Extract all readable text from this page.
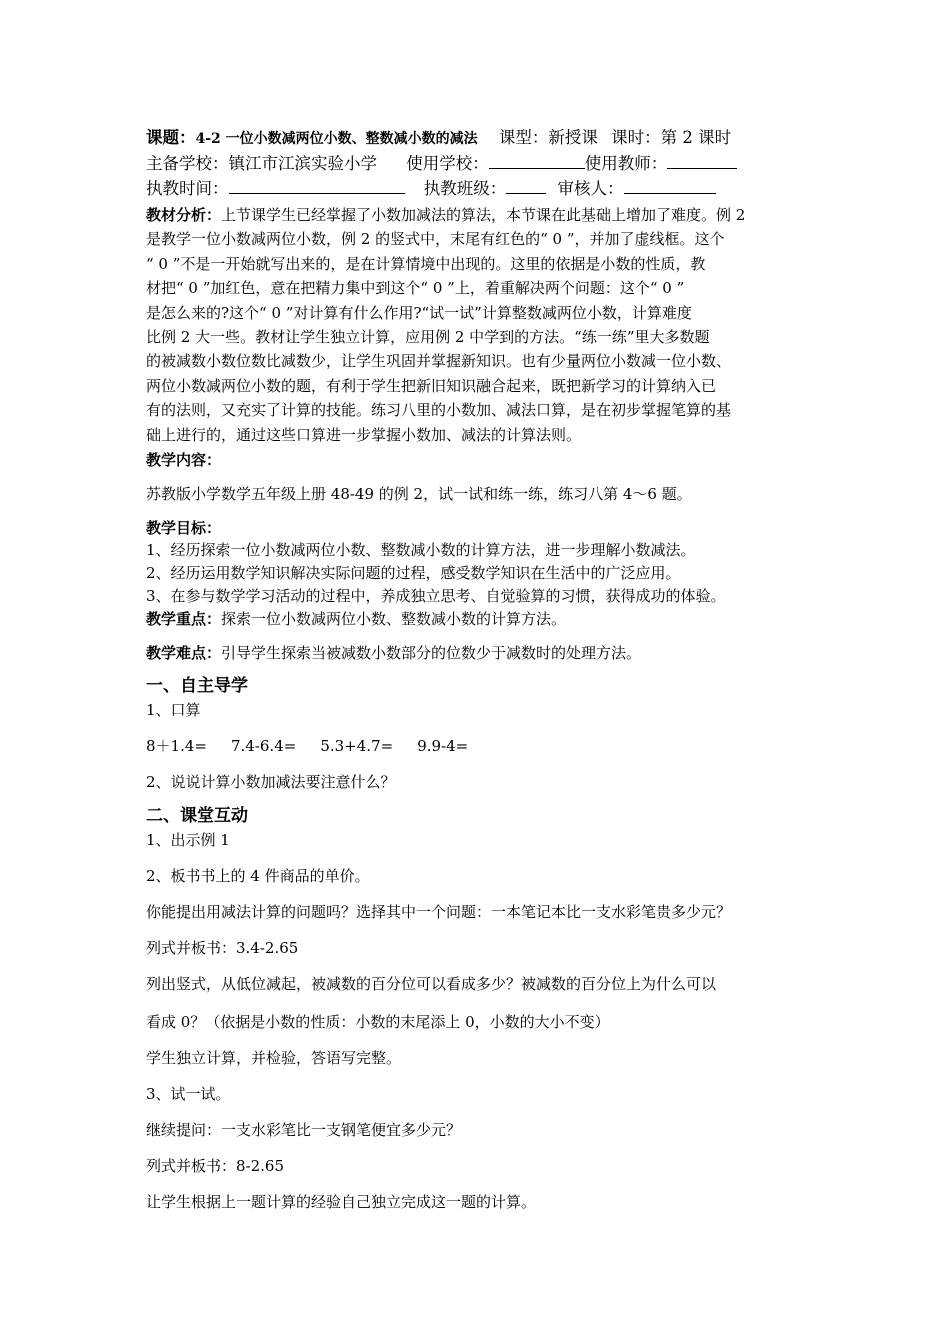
课题：4-2 一位小数减两位小数、整数减小数的减法 课型：新授课 课时：第 2 课时
主备学校：镇江市江滨实验小学 使用学校：	使用教师：
执教时间：	执教班级：	审核人：
教材分析：上节课学生已经掌握了小数加减法的算法，本节课在此基础上增加了难度。例 2
是教学一位小数减两位小数，例 2 的竖式中，末尾有红色的“ 0 ”，并加了虚线框。这个
“ 0 ”不是一开始就写出来的，是在计算情境中出现的。这里的依据是小数的性质，教
材把“ 0 ”加红色，意在把精力集中到这个“ 0 ”上，着重解决两个问题：这个“ 0 ”
是怎么来的?这个“ 0 ”对计算有什么作用?“试一试”计算整数减两位小数，计算难度
比例 2 大一些。教材让学生独立计算，应用例 2 中学到的方法。“练一练”里大多数题
的被减数小数位数比减数少，让学生巩固并掌握新知识。也有少量两位小数减一位小数、
两位小数减两位小数的题，有利于学生把新旧知识融合起来，既把新学习的计算纳入已
有的法则，又充实了计算的技能。练习八里的小数加、减法口算，是在初步掌握笔算的基
础上进行的，通过这些口算进一步掌握小数加、减法的计算法则。
教学内容：
苏教版小学数学五年级上册 48-49 的例 2，试一试和练一练，练习八第 4～6 题。
教学目标：
1、经历探索一位小数减两位小数、整数减小数的计算方法，进一步理解小数减法。
2、经历运用数学知识解决实际问题的过程，感受数学知识在生活中的广泛应用。
3、在参与数学学习活动的过程中，养成独立思考、自觉验算的习惯，获得成功的体验。
教学重点：探索一位小数减两位小数、整数减小数的计算方法。
教学难点：引导学生探索当被减数小数部分的位数少于减数时的处理方法。
一、自主导学
1、口算
8＋1.4= 7.4-6.4= 5.3+4.7= 9.9-4=
2、说说计算小数加减法要注意什么？
二、课堂互动
1、出示例 1
2、板书书上的 4 件商品的单价。
你能提出用减法计算的问题吗？选择其中一个问题：一本笔记本比一支水彩笔贵多少元？
列式并板书：3.4-2.65
列出竖式，从低位减起，被减数的百分位可以看成多少？被减数的百分位上为什么可以
看成 0？（依据是小数的性质：小数的末尾添上 0，小数的大小不变）
学生独立计算，并检验，答语写完整。
3、试一试。
继续提问：一支水彩笔比一支钢笔便宜多少元？
列式并板书：8-2.65
让学生根据上一题计算的经验自己独立完成这一题的计算。
